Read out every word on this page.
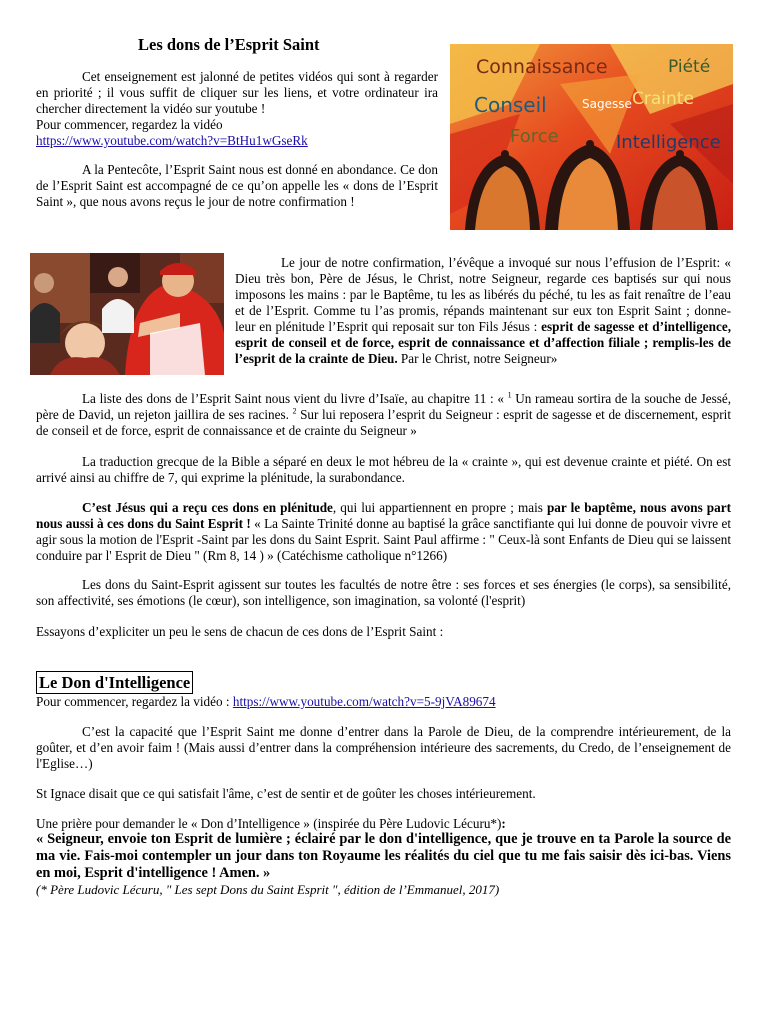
Les dons de l’Esprit Saint

Cet enseignement est jalonné de petites vidéos qui sont à regarder en priorité ; il vous suffit de cliquer sur les liens, et votre ordinateur ira chercher directement la vidéo sur youtube !

Pour commencer, regardez la vidéo

https://www.youtube.com/watch?v=BtHu1wGseRk

A la Pentecôte, l’Esprit Saint nous est donné en abondance. Ce don de l’Esprit Saint est accompagné de ce qu’on appelle les « dons de l’Esprit Saint », que nous avons reçus le jour de notre confirmation !

Connaissance	Piété
Conseil	Sagesse Crainte
Force	Intelligence

Le jour de notre confirmation, l’évêque a invoqué sur nous l’effusion de l’Esprit: « Dieu très bon, Père de Jésus, le Christ, notre Seigneur, regarde ces baptisés sur qui nous imposons les mains : par le Baptême, tu les as libérés du péché, tu les as fait renaître de l’eau et de l’Esprit. Comme tu l’as promis, répands maintenant sur eux ton Esprit Saint ; donne-leur en plénitude l’Esprit qui reposait sur ton Fils Jésus : esprit de sagesse et d’intelligence, esprit de conseil et de force, esprit de connaissance et d’affection filiale ; remplis-les de l’esprit de la crainte de Dieu. Par le Christ, notre Seigneur»

La liste des dons de l’Esprit Saint nous vient du livre d’Isaïe, au chapitre 11 : « $^1$ Un rameau sortira de la souche de Jessé, père de David, un rejeton jaillira de ses racines. $^2$ Sur lui reposera l’esprit du Seigneur : esprit de sagesse et de discernement, esprit de conseil et de force, esprit de connaissance et de crainte du Seigneur »

La traduction grecque de la Bible a séparé en deux le mot hébreu de la « crainte », qui est devenue crainte et piété. On est arrivé ainsi au chiffre de 7, qui exprime la plénitude, la surabondance.

C’est Jésus qui a reçu ces dons en plénitude, qui lui appartiennent en propre ; mais par le baptême, nous avons part nous aussi à ces dons du Saint Esprit ! « La Sainte Trinité donne au baptisé la grâce sanctifiante qui lui donne de pouvoir vivre et agir sous la motion de l'Esprit -Saint par les dons du Saint Esprit. Saint Paul affirme : " Ceux-là sont Enfants de Dieu qui se laissent conduire par l' Esprit de Dieu " (Rm 8, 14 ) » (Catéchisme catholique n°1266)

Les dons du Saint-Esprit agissent sur toutes les facultés de notre être : ses forces et ses énergies (le corps), sa sensibilité, son affectivité, ses émotions (le cœur), son intelligence, son imagination, sa volonté (l'esprit)

Essayons d’expliciter un peu le sens de chacun de ces dons de l’Esprit Saint :

Le Don d'Intelligence

Pour commencer, regardez la vidéo : https://www.youtube.com/watch?v=5-9jVA89674

C’est la capacité que l’Esprit Saint me donne d’entrer dans la Parole de Dieu, de la comprendre intérieurement, de la goûter, et d’en avoir faim ! (Mais aussi d’entrer dans la compréhension intérieure des sacrements, du Credo, de l’enseignement de l'Eglise…)

St Ignace disait que ce qui satisfait l'âme, c’est de sentir et de goûter les choses intérieurement.

Une prière pour demander le « Don d’Intelligence » (inspirée du Père Ludovic Lécuru*):

« Seigneur, envoie ton Esprit de lumière ; éclairé par le don d'intelligence, que je trouve en ta Parole la source de ma vie. Fais-moi contempler un jour dans ton Royaume les réalités du ciel que tu me fais saisir dès ici-bas. Viens en moi, Esprit d'intelligence ! Amen. »
(* Père Ludovic Lécuru, " Les sept Dons du Saint Esprit ", édition de l’Emmanuel, 2017)
